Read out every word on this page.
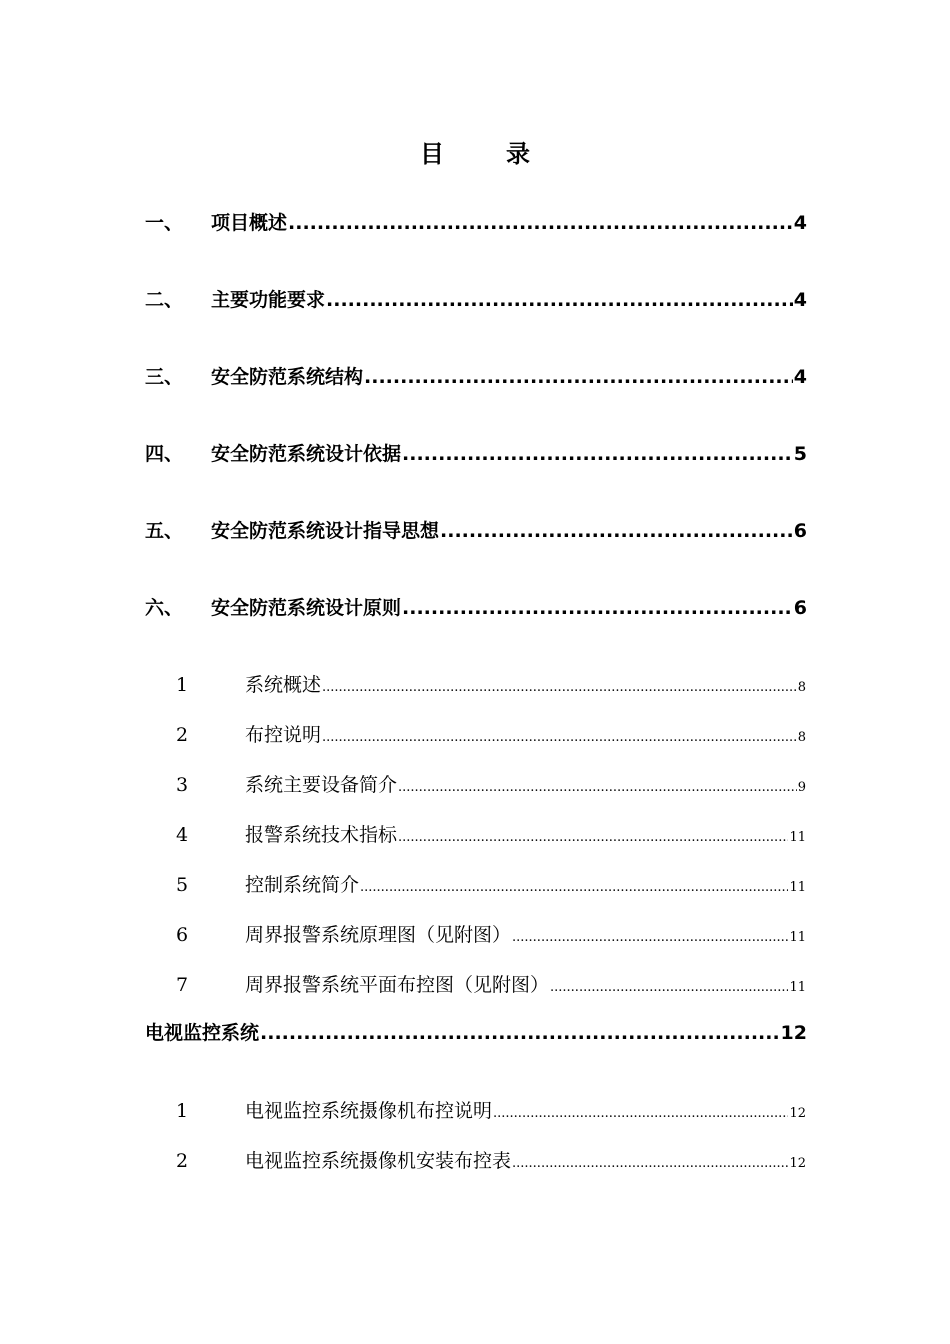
目	录
一、	项目概述 .....	4
二、	主要功能要求 .....	4
三、	安全防范系统结构 .....	4
四、	安全防范系统设计依据 .....	5
五、	安全防范系统设计指导思想 .....	6
六、	安全防范系统设计原则 .....	6
1	系统概述 .....	8
2	布控说明 .....	8
3	系统主要设备简介 .....	9
4	报警系统技术指标 .....	11
5	控制系统简介 .....	11
6	周界报警系统原理图（见附图） .....	11
7	周界报警系统平面布控图（见附图） .....	11
电视监控系统 .....	12
1	电视监控系统摄像机布控说明 .....	12
2	电视监控系统摄像机安装布控表 .....	12
